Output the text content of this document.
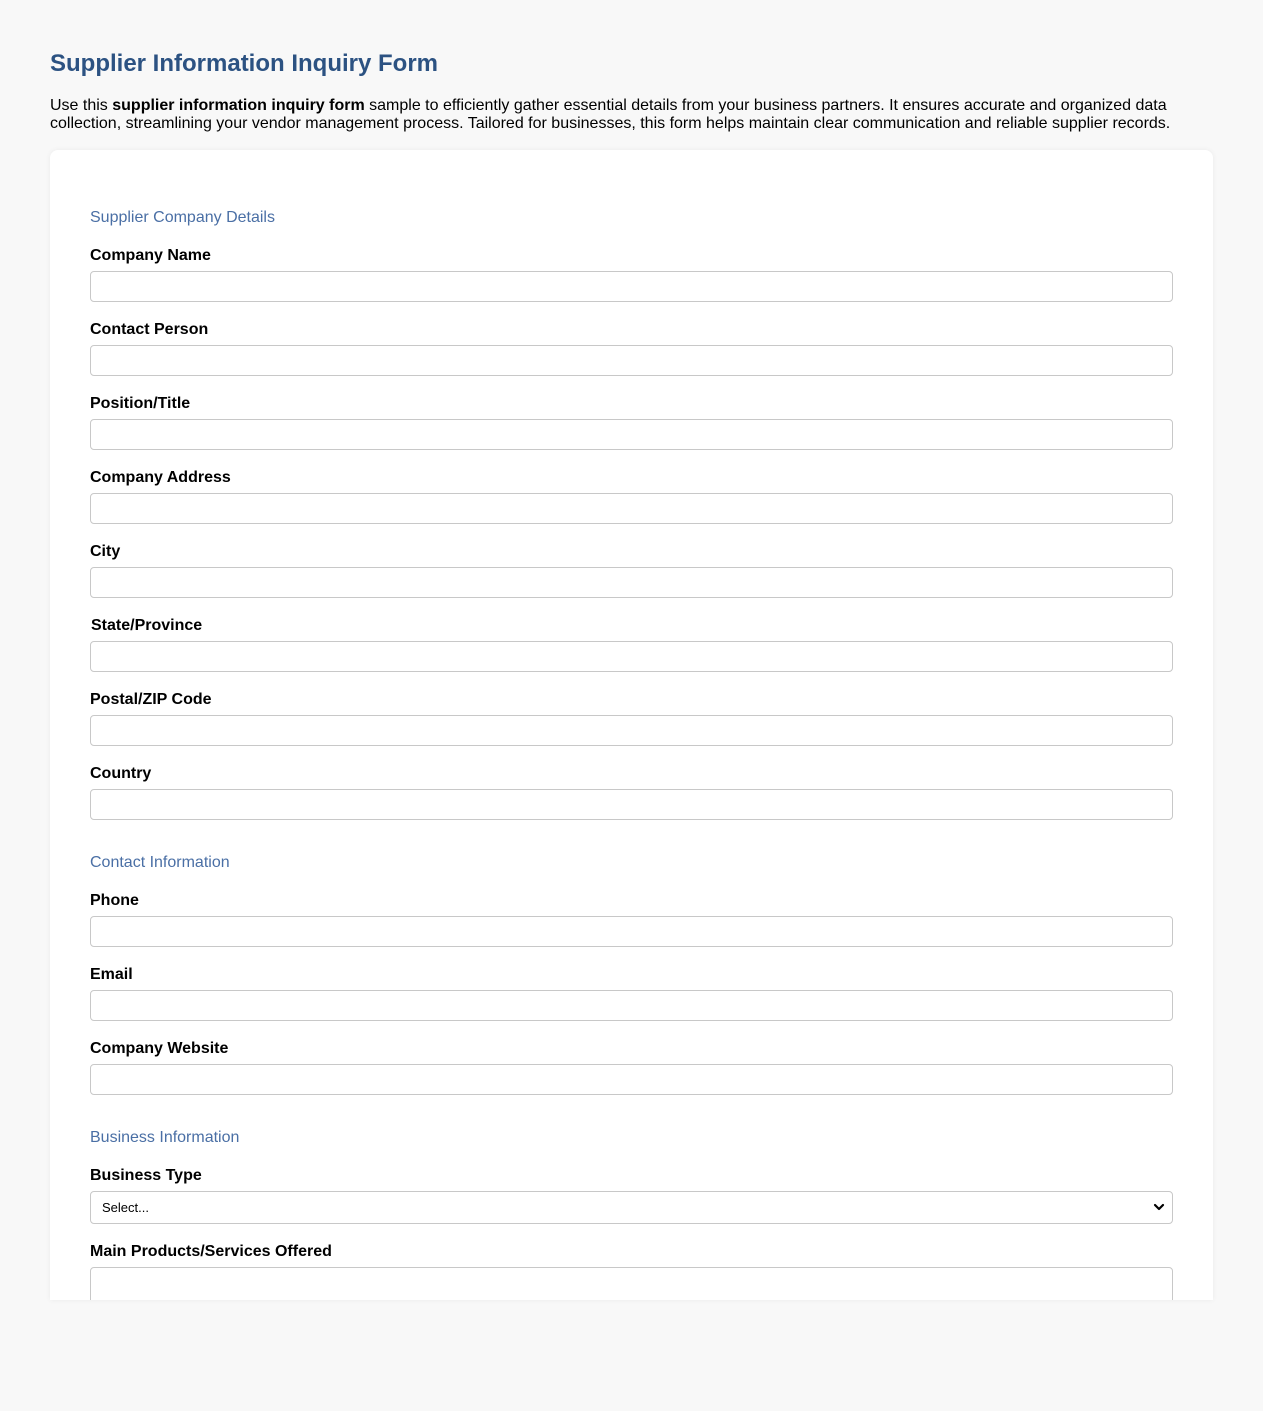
Supplier Information Inquiry Form

Use this supplier information inquiry form sample to efficiently gather essential details from your business partners. It ensures accurate and organized data collection, streamlining your vendor management process. Tailored for businesses, this form helps maintain clear communication and reliable supplier records.

Supplier Company Details
Company Name
Contact Person
Position/Title
Company Address
City
State/Province
Postal/ZIP Code
Country
Contact Information
Phone
Email
Company Website
Business Information
Business Type
Select...
Main Products/Services Offered
